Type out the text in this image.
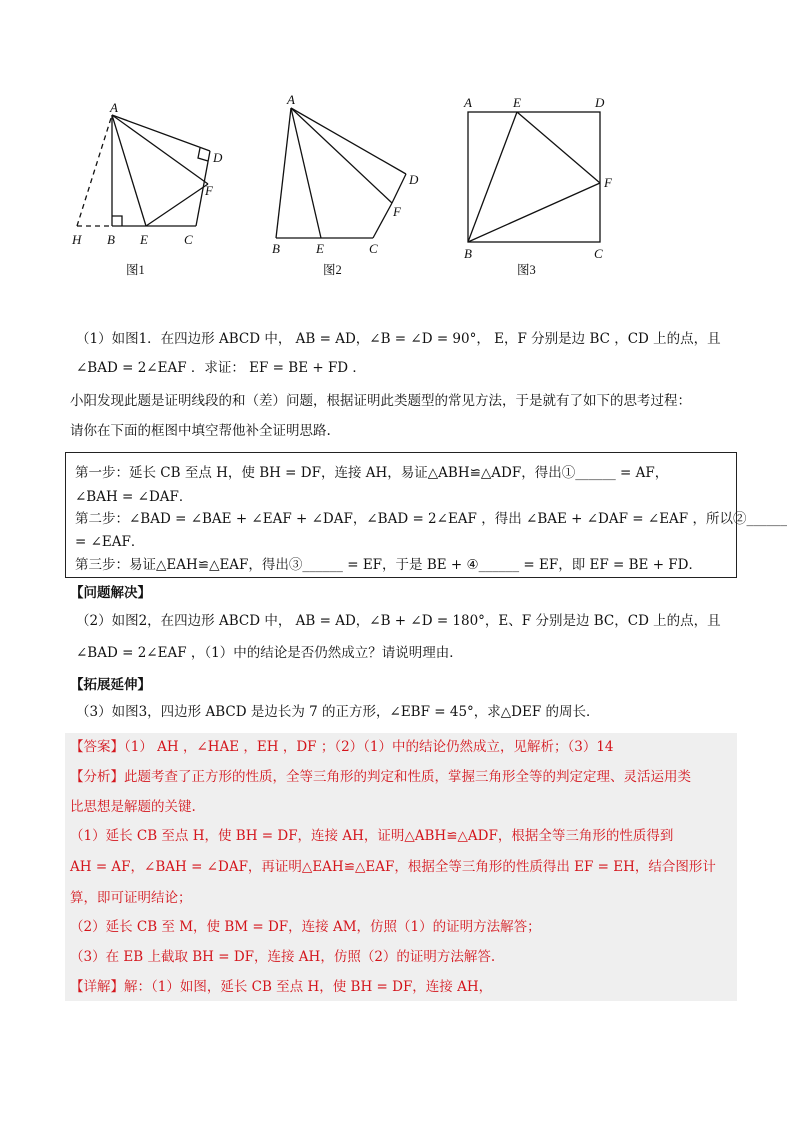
A
D
F
H B E	C
图1
A
D
F
B	E	C
图2
A	E	D
F
B	C
图3
（1）如图1．在四边形 ABCD 中， AB = AD，∠B = ∠D = 90°， E，F 分别是边 BC ，CD 上的点，且
∠BAD = 2∠EAF ．求证： EF = BE + FD ．
小阳发现此题是证明线段的和（差）问题，根据证明此类题型的常见方法，于是就有了如下的思考过程：
请你在下面的框图中填空帮他补全证明思路.
第一步：延长 CB 至点 H，使 BH = DF，连接 AH，易证△ABH≌△ADF，得出①______ = AF，
∠BAH = ∠DAF．
第二步：∠BAD = ∠BAE + ∠EAF + ∠DAF，∠BAD = 2∠EAF ，得出 ∠BAE + ∠DAF = ∠EAF ，所以②______
= ∠EAF．
第三步：易证△EAH≌△EAF，得出③______ = EF，于是 BE + ④______ = EF，即 EF = BE + FD．
【问题解决】
（2）如图2，在四边形 ABCD 中， AB = AD，∠B + ∠D = 180°，E、F 分别是边 BC，CD 上的点，且
∠BAD = 2∠EAF ，（1）中的结论是否仍然成立？请说明理由．
【拓展延伸】
（3）如图3，四边形 ABCD 是边长为 7 的正方形，∠EBF = 45°，求△DEF 的周长．
【答案】（1） AH ，∠HAE ，EH ，DF ；（2）（1）中的结论仍然成立，见解析；（3）14
【分析】此题考查了正方形的性质，全等三角形的判定和性质，掌握三角形全等的判定定理、灵活运用类
比思想是解题的关键.
（1）延长 CB 至点 H，使 BH = DF，连接 AH，证明△ABH≌△ADF，根据全等三角形的性质得到
AH = AF，∠BAH = ∠DAF，再证明△EAH≌△EAF，根据全等三角形的性质得出 EF = EH，结合图形计
算，即可证明结论；
（2）延长 CB 至 M，使 BM = DF，连接 AM，仿照（1）的证明方法解答；
（3）在 EB 上截取 BH = DF，连接 AH，仿照（2）的证明方法解答.
【详解】解：（1）如图，延长 CB 至点 H，使 BH = DF，连接 AH，
